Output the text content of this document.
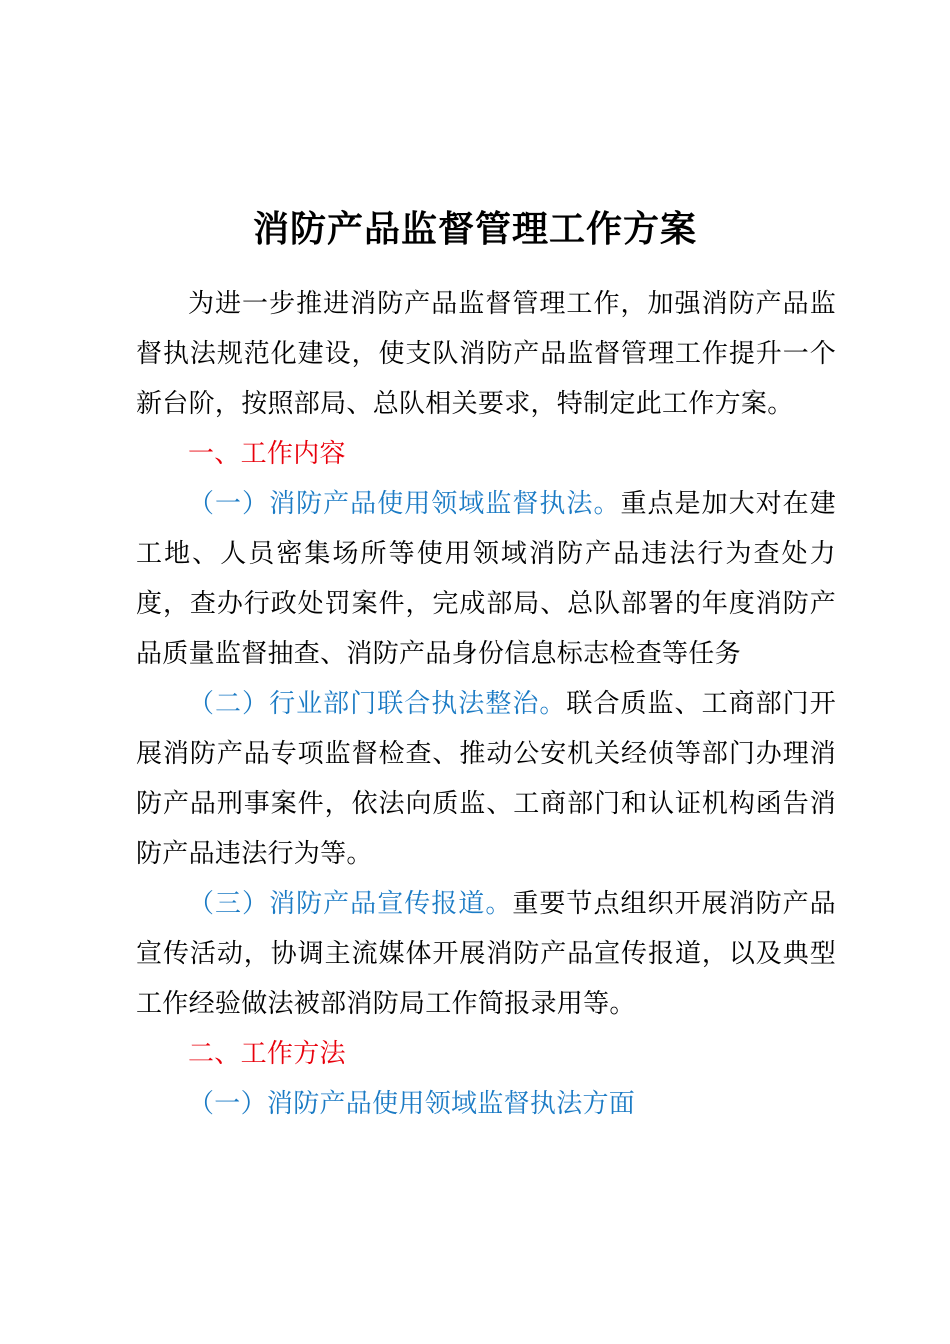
消防产品监督管理工作方案

为进一步推进消防产品监督管理工作，加强消防产品监督执法规范化建设，使支队消防产品监督管理工作提升一个新台阶，按照部局、总队相关要求，特制定此工作方案。

一、工作内容

（一）消防产品使用领域监督执法。重点是加大对在建工地、人员密集场所等使用领域消防产品违法行为查处力度，查办行政处罚案件，完成部局、总队部署的年度消防产品质量监督抽查、消防产品身份信息标志检查等任务

（二）行业部门联合执法整治。联合质监、工商部门开展消防产品专项监督检查、推动公安机关经侦等部门办理消防产品刑事案件，依法向质监、工商部门和认证机构函告消防产品违法行为等。

（三）消防产品宣传报道。重要节点组织开展消防产品宣传活动，协调主流媒体开展消防产品宣传报道，以及典型工作经验做法被部消防局工作简报录用等。

二、工作方法

（一）消防产品使用领域监督执法方面
